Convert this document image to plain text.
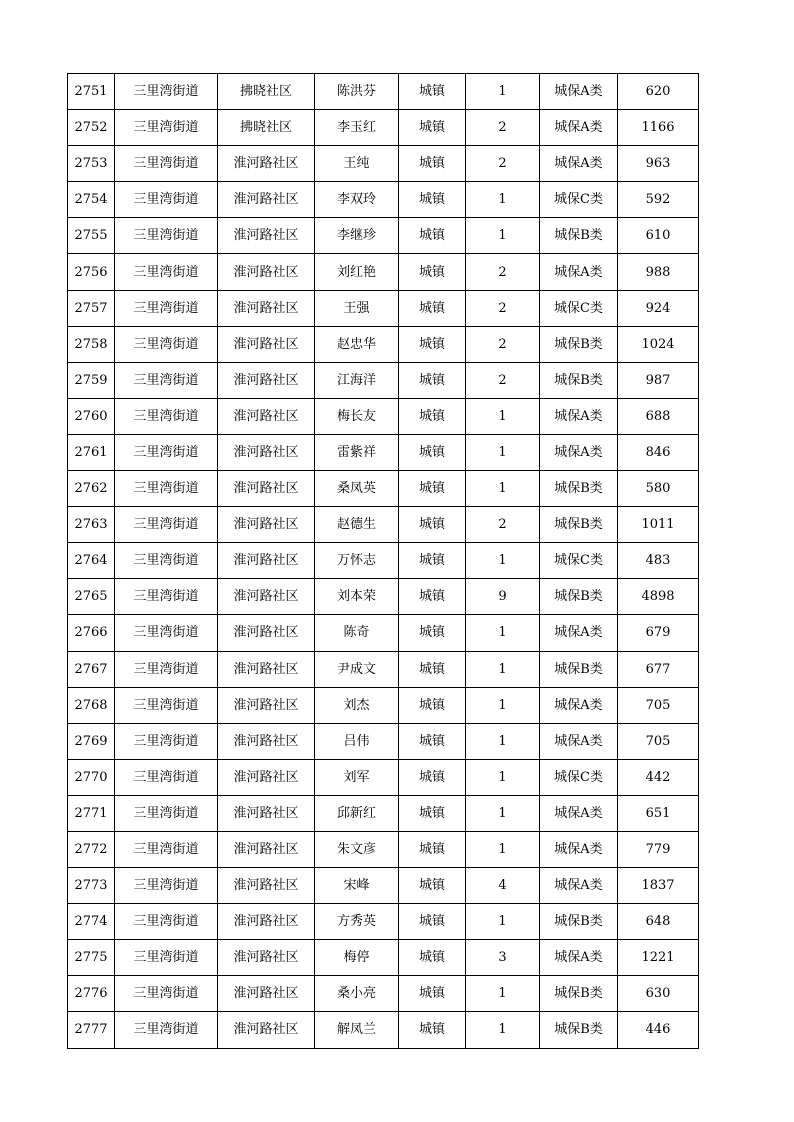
2751	三里湾街道	拂晓社区	陈洪芬	城镇	1	城保A类	620
2752	三里湾街道	拂晓社区	李玉红	城镇	2	城保A类	1166
2753	三里湾街道	淮河路社区	王纯	城镇	2	城保A类	963
2754	三里湾街道	淮河路社区	李双玲	城镇	1	城保C类	592
2755	三里湾街道	淮河路社区	李继珍	城镇	1	城保B类	610
2756	三里湾街道	淮河路社区	刘红艳	城镇	2	城保A类	988
2757	三里湾街道	淮河路社区	王强	城镇	2	城保C类	924
2758	三里湾街道	淮河路社区	赵忠华	城镇	2	城保B类	1024
2759	三里湾街道	淮河路社区	江海洋	城镇	2	城保B类	987
2760	三里湾街道	淮河路社区	梅长友	城镇	1	城保A类	688
2761	三里湾街道	淮河路社区	雷紫祥	城镇	1	城保A类	846
2762	三里湾街道	淮河路社区	桑凤英	城镇	1	城保B类	580
2763	三里湾街道	淮河路社区	赵德生	城镇	2	城保B类	1011
2764	三里湾街道	淮河路社区	万怀志	城镇	1	城保C类	483
2765	三里湾街道	淮河路社区	刘本荣	城镇	9	城保B类	4898
2766	三里湾街道	淮河路社区	陈奇	城镇	1	城保A类	679
2767	三里湾街道	淮河路社区	尹成文	城镇	1	城保B类	677
2768	三里湾街道	淮河路社区	刘杰	城镇	1	城保A类	705
2769	三里湾街道	淮河路社区	吕伟	城镇	1	城保A类	705
2770	三里湾街道	淮河路社区	刘军	城镇	1	城保C类	442
2771	三里湾街道	淮河路社区	邱新红	城镇	1	城保A类	651
2772	三里湾街道	淮河路社区	朱文彦	城镇	1	城保A类	779
2773	三里湾街道	淮河路社区	宋峰	城镇	4	城保A类	1837
2774	三里湾街道	淮河路社区	方秀英	城镇	1	城保B类	648
2775	三里湾街道	淮河路社区	梅停	城镇	3	城保A类	1221
2776	三里湾街道	淮河路社区	桑小亮	城镇	1	城保B类	630
2777	三里湾街道	淮河路社区	解凤兰	城镇	1	城保B类	446
